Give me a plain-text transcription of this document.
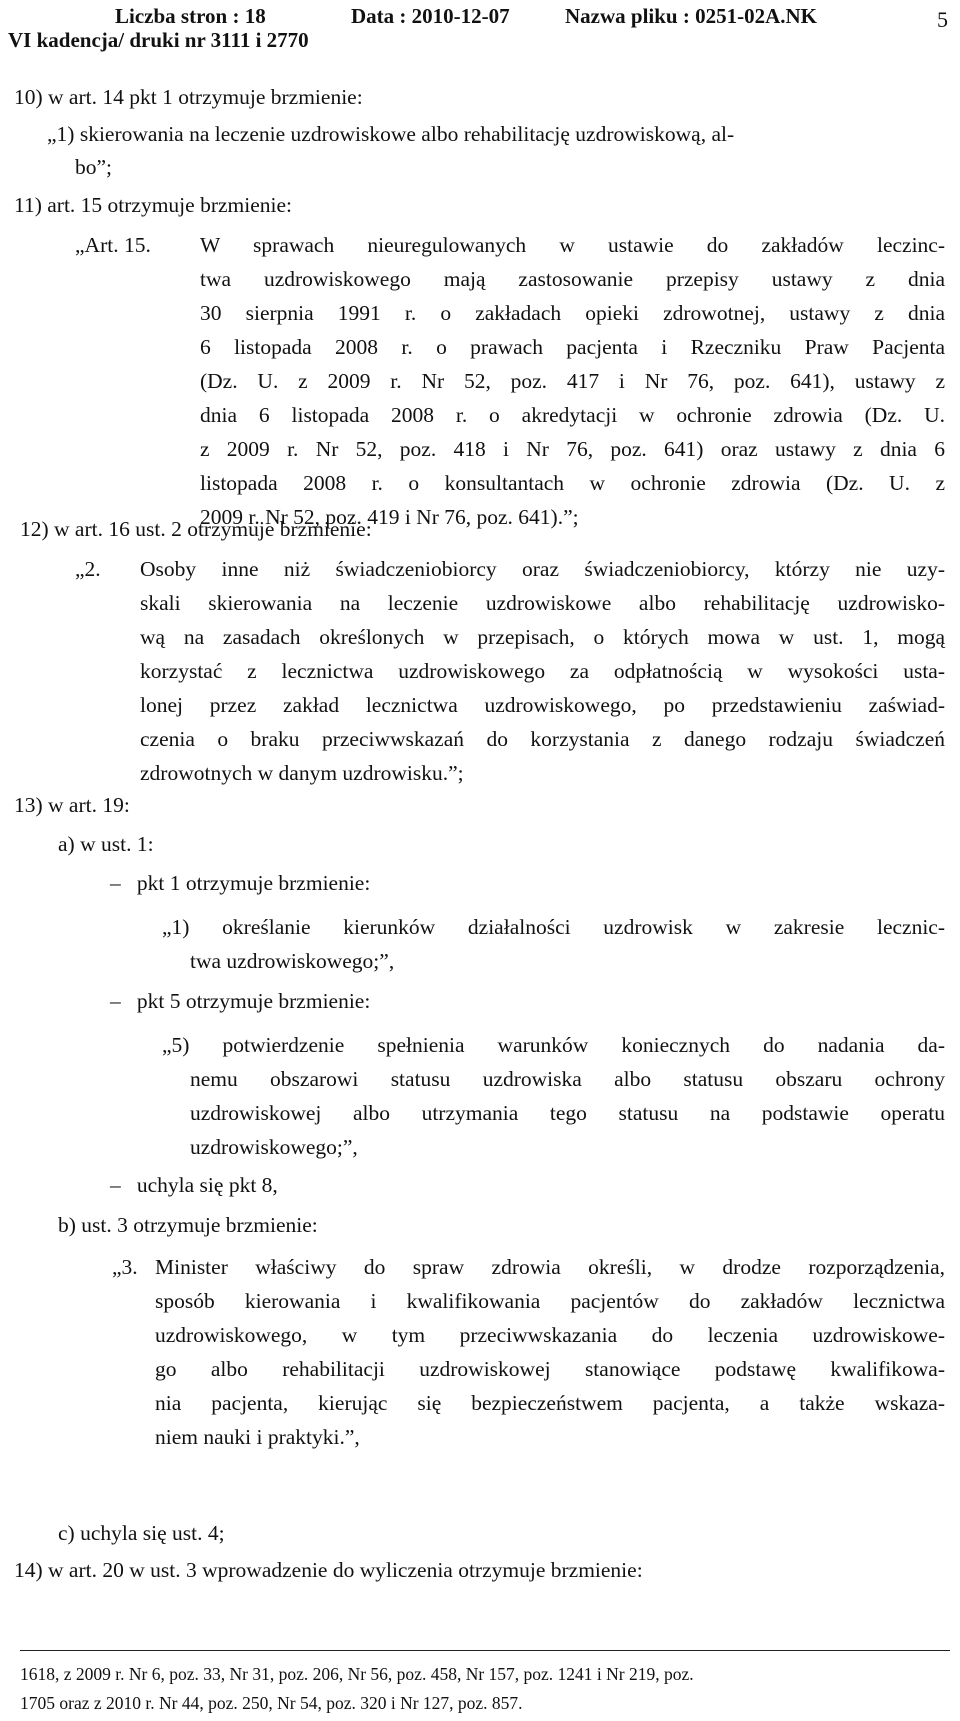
Liczba stron : 18	Data : 2010-12-07	Nazwa pliku : 0251-02A.NK
VI kadencja/ druki nr 3111 i 2770
5
10) w art. 14 pkt 1 otrzymuje brzmienie:
„1) skierowania na leczenie uzdrowiskowe albo rehabilitację uzdrowiskową, al-
bo”;
11) art. 15 otrzymuje brzmienie:
„Art. 15. W sprawach nieuregulowanych w ustawie do zakładów leczinc-
twa uzdrowiskowego mają zastosowanie przepisy ustawy z dnia
30 sierpnia 1991 r. o zakładach opieki zdrowotnej, ustawy z dnia
6 listopada 2008 r. o prawach pacjenta i Rzeczniku Praw Pacjenta
(Dz. U. z 2009 r. Nr 52, poz. 417 i Nr 76, poz. 641), ustawy z
dnia 6 listopada 2008 r. o akredytacji w ochronie zdrowia (Dz. U.
z 2009 r. Nr 52, poz. 418 i Nr 76, poz. 641) oraz ustawy z dnia 6
listopada 2008 r. o konsultantach w ochronie zdrowia (Dz. U. z
2009 r. Nr 52, poz. 419 i Nr 76, poz. 641).”;
12) w art. 16 ust. 2 otrzymuje brzmienie:
„2. Osoby inne niż świadczeniobiorcy oraz świadczeniobiorcy, którzy nie uzy-
skali skierowania na leczenie uzdrowiskowe albo rehabilitację uzdrowisko-
wą na zasadach określonych w przepisach, o których mowa w ust. 1, mogą
korzystać z lecznictwa uzdrowiskowego za odpłatnością w wysokości usta-
lonej przez zakład lecznictwa uzdrowiskowego, po przedstawieniu zaświad-
czenia o braku przeciwwskazań do korzystania z danego rodzaju świadczeń
zdrowotnych w danym uzdrowisku.”;
13) w art. 19:
a) w ust. 1:
–   pkt 1 otrzymuje brzmienie:
„1) określanie kierunków działalności uzdrowisk w zakresie lecznic-
twa uzdrowiskowego;”,
–   pkt 5 otrzymuje brzmienie:
„5) potwierdzenie spełnienia warunków koniecznych do nadania da-
nemu obszarowi statusu uzdrowiska albo statusu obszaru ochrony
uzdrowiskowej albo utrzymania tego statusu na podstawie operatu
uzdrowiskowego;”,
–   uchyla się pkt 8,
b) ust. 3 otrzymuje brzmienie:
„3. Minister właściwy do spraw zdrowia określi, w drodze rozporządzenia,
sposób kierowania i kwalifikowania pacjentów do zakładów lecznictwa
uzdrowiskowego, w tym przeciwwskazania do leczenia uzdrowiskowe-
go albo rehabilitacji uzdrowiskowej stanowiące podstawę kwalifikowa-
nia pacjenta, kierując się bezpieczeństwem pacjenta, a także wskaza-
niem nauki i praktyki.”,
c) uchyla się ust. 4;
14) w art. 20 w ust. 3 wprowadzenie do wyliczenia otrzymuje brzmienie:
1618, z 2009 r. Nr 6, poz. 33, Nr 31, poz. 206, Nr 56, poz. 458, Nr 157, poz. 1241 i Nr 219, poz.
1705 oraz z 2010 r. Nr 44, poz. 250, Nr 54, poz. 320 i Nr 127, poz. 857.
